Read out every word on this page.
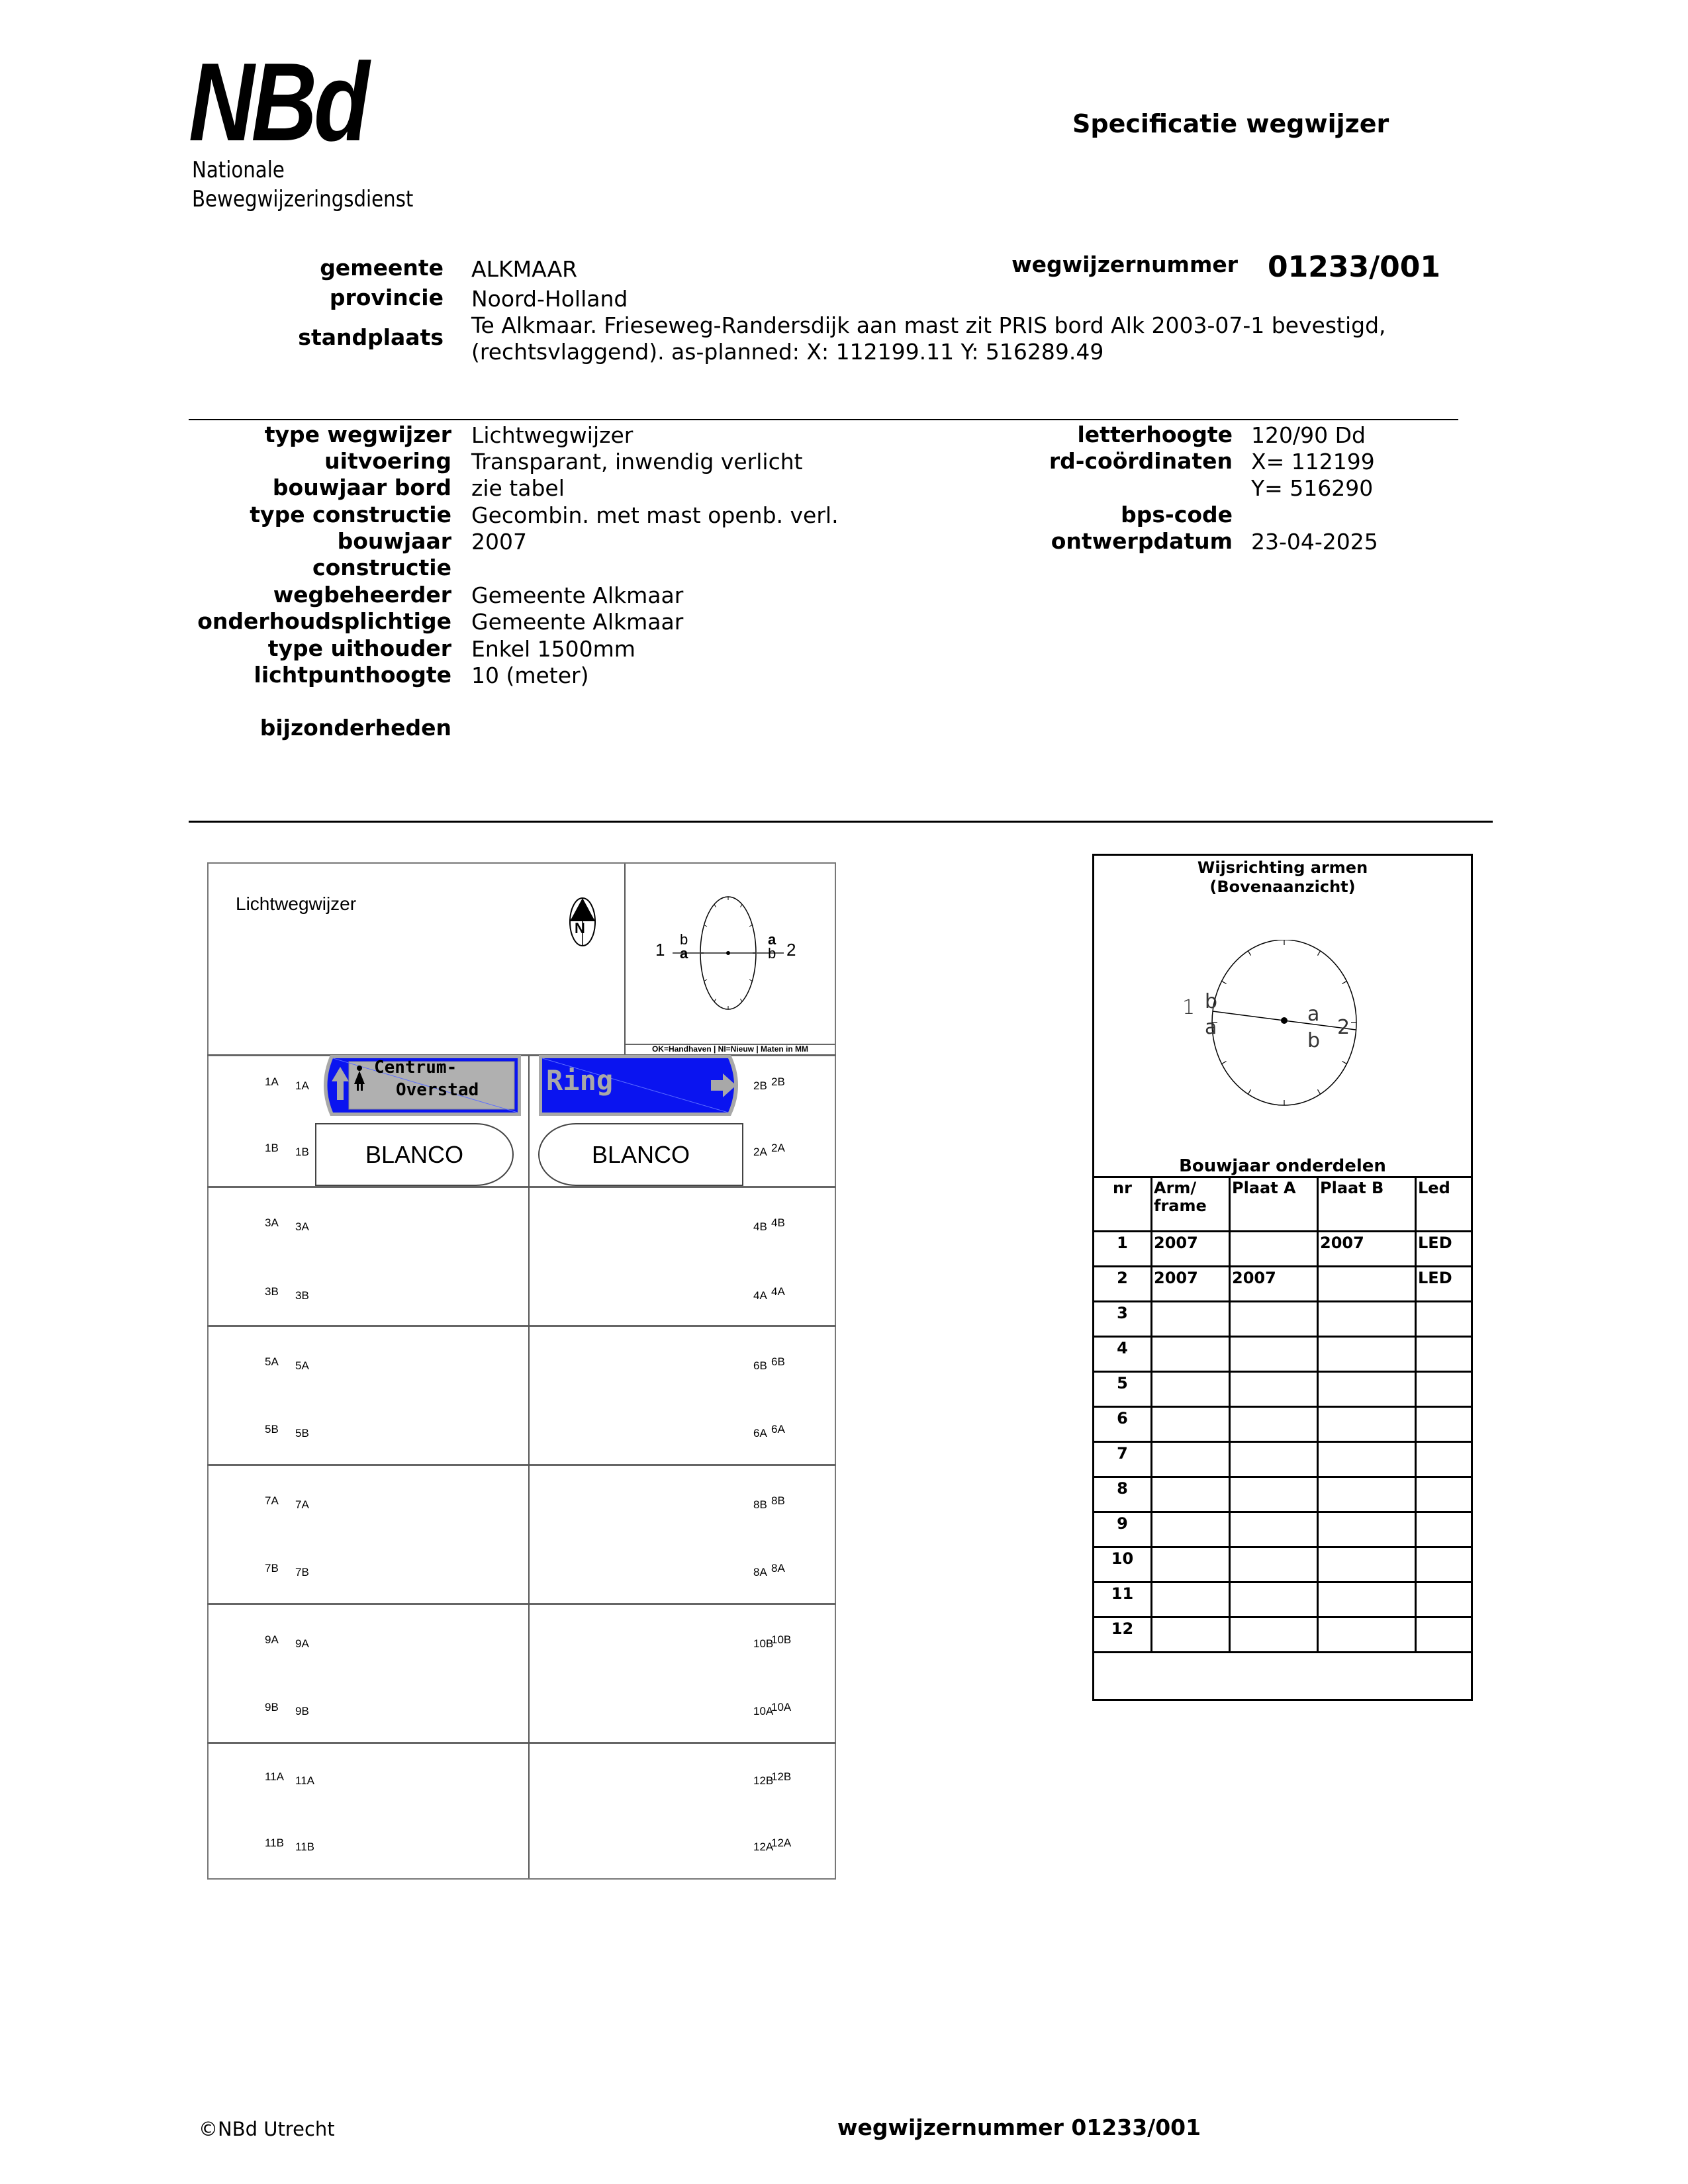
NBd
Nationale
Bewegwijzeringsdienst
Specificatie wegwijzer
gemeente ALKMAAR
provincie Noord-Holland
standplaats Te Alkmaar. Frieseweg-Randersdijk aan mast zit PRIS bord Alk 2003-07-1 bevestigd,
(rechtsvlaggend). as-planned: X: 112199.11 Y: 516289.49
wegwijzernummer 01233/001
type wegwijzer Lichtwegwijzer
uitvoering Transparant, inwendig verlicht
bouwjaar bord zie tabel
type constructie Gecombin. met mast openb. verl.
bouwjaar 2007
constructie
wegbeheerder Gemeente Alkmaar
onderhoudsplichtige Gemeente Alkmaar
type uithouder Enkel 1500mm
lichtpunthoogte 10 (meter)
bijzonderheden
letterhoogte 120/90 Dd
rd-coördinaten X= 112199
Y= 516290
bps-code
ontwerpdatum 23-04-2025
OK=Handhaven | NI=Nieuw | Maten in MM
Lichtwegwijzer
N
1	2
b
a
a
b
Centrum-
Overstad Ring
BLANCO	BLANCO
1A 1A
1B 1B
3A 3A
3B 3B
5A 5A
5B 5B
7A 7A
7B 7B
9A 9A
9B 9B
11A 11A
11B 11B
2B 2B
2A 2A
4B 4B
4A 4A
6B 6B
6A 6A
8B 8B
8A 8A
10B
10B
10A
10A
12B
12B
12A
12A
Wijsrichting armen
(Bovenaanzicht)
1
2
b
a
a
b
Bouwjaar onderdelen
nr	Arm/ frame	Plaat A	Plaat B	Led
1	2007		2007	LED
2	2007	2007		LED
3				
4				
5				
6				
7				
8				
9				
10				
11				
12				
©NBd Utrecht	wegwijzernummer 01233/001
